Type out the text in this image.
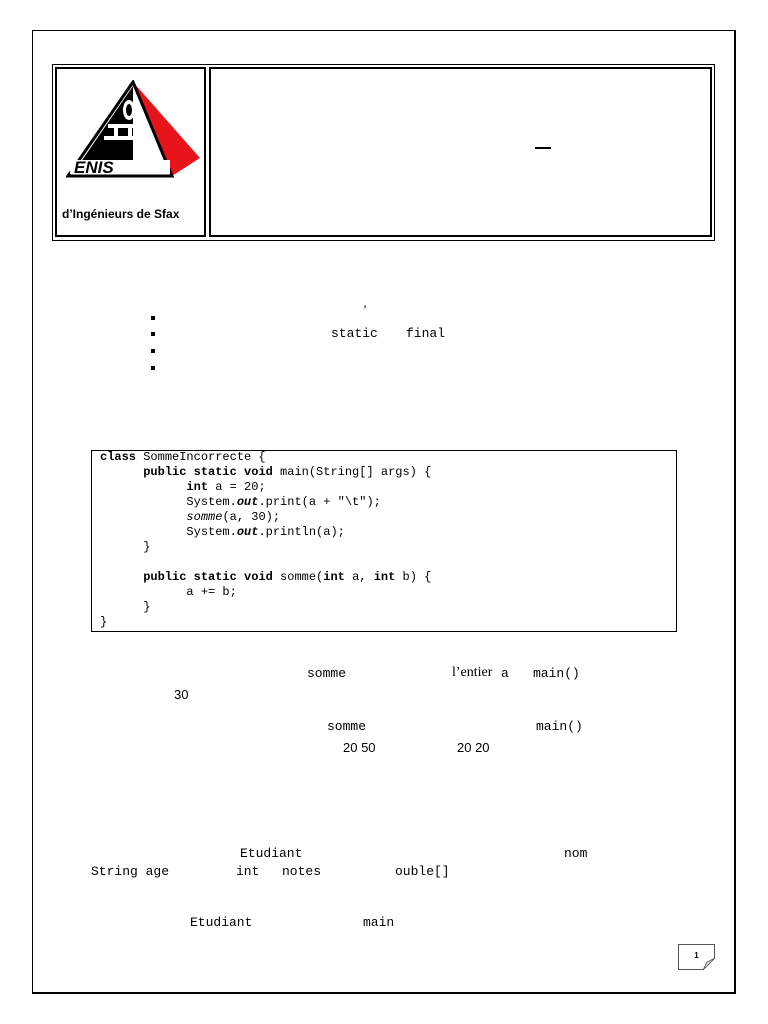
ENIS
d’Ingénieurs de Sfax
’
static final
class SommeIncorrecte {
public static void main(String[] args) {
int a = 20;
System.out.print(a + "\t");
somme(a, 30);
System.out.println(a);
}
public static void somme(int a, int b) {
a += b;
}
}
somme	l’entier a main()
30
somme	main()
20 50	20 20
Etudiant	nom
String age	int notes	ouble[]
Etudiant	main
1
